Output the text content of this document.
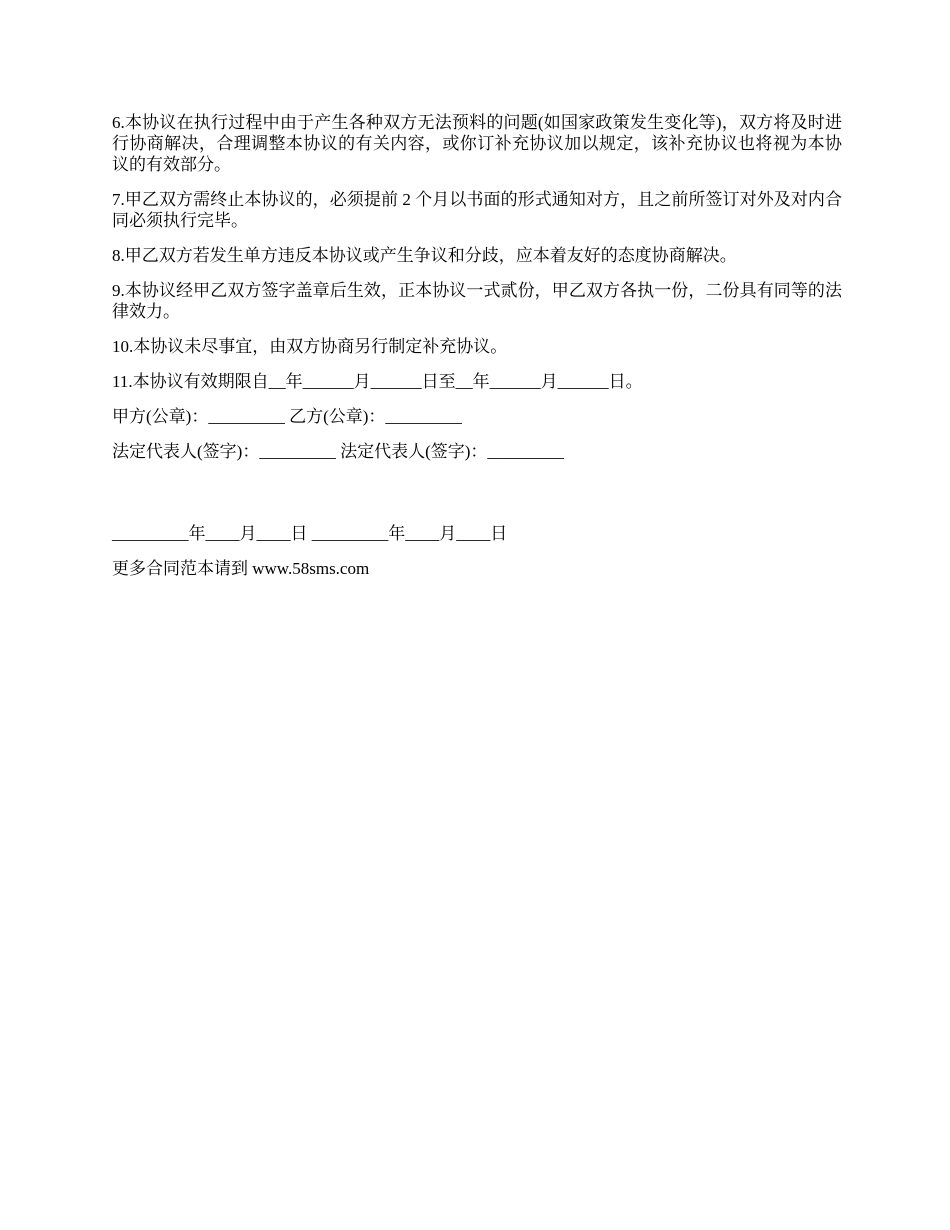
6.本协议在执行过程中由于产生各种双方无法预料的问题(如国家政策发生变化等)，双方将及时进行协商解决，合理调整本协议的有关内容，或你订补充协议加以规定，该补充协议也将视为本协议的有效部分。

7.甲乙双方需终止本协议的，必须提前 2 个月以书面的形式通知对方，且之前所签订对外及对内合同必须执行完毕。

8.甲乙双方若发生单方违反本协议或产生争议和分歧，应本着友好的态度协商解决。

9.本协议经甲乙双方签字盖章后生效，正本协议一式贰份，甲乙双方各执一份，二份具有同等的法律效力。

10.本协议未尽事宜，由双方协商另行制定补充协议。

11.本协议有效期限自__年______月______日至__年______月______日。

甲方(公章)：_________ 乙方(公章)：_________

法定代表人(签字)：_________ 法定代表人(签字)：_________

_________年____月____日 _________年____月____日

更多合同范本请到 www.58sms.com
